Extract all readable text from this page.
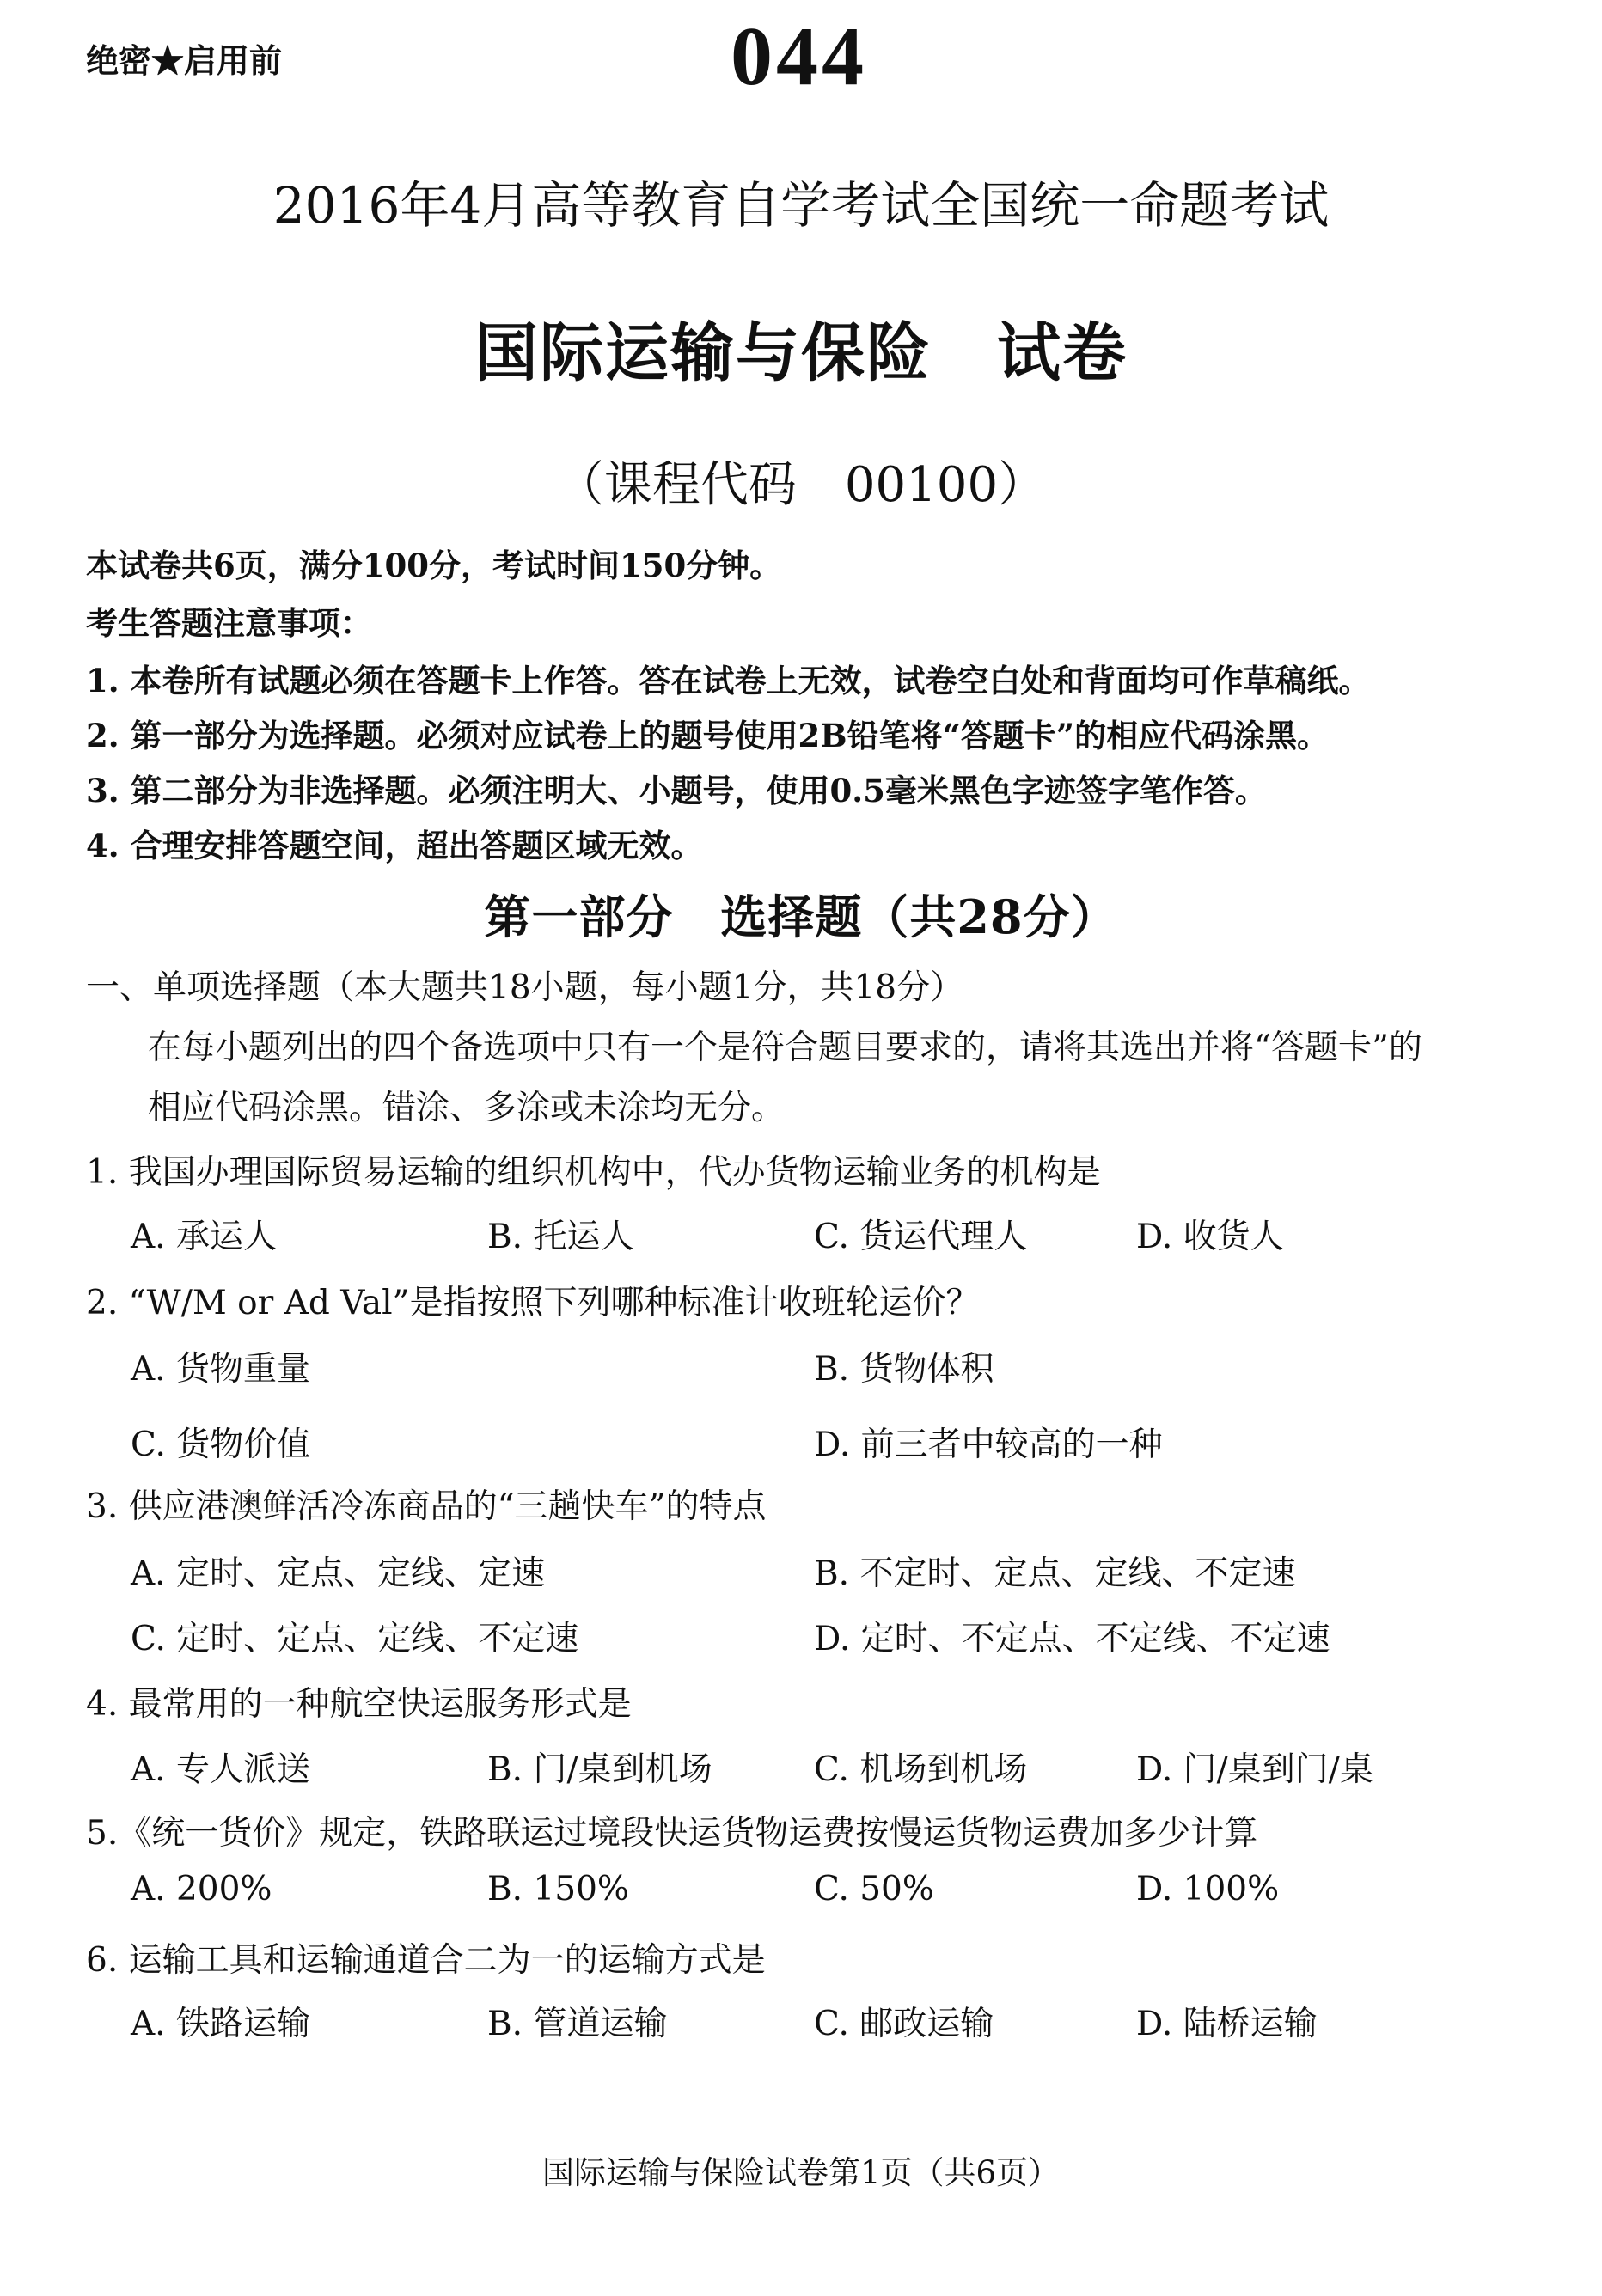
绝密★启用前	044
2016年4月高等教育自学考试全国统一命题考试
国际运输与保险　试卷
（课程代码　00100）
本试卷共6页，满分100分，考试时间150分钟。
考生答题注意事项：
1. 本卷所有试题必须在答题卡上作答。答在试卷上无效，试卷空白处和背面均可作草稿纸。
2. 第一部分为选择题。必须对应试卷上的题号使用2B铅笔将“答题卡”的相应代码涂黑。
3. 第二部分为非选择题。必须注明大、小题号，使用0.5毫米黑色字迹签字笔作答。
4. 合理安排答题空间，超出答题区域无效。
第一部分　选择题（共28分）
一、单项选择题（本大题共18小题，每小题1分，共18分）
在每小题列出的四个备选项中只有一个是符合题目要求的，请将其选出并将“答题卡”的
相应代码涂黑。错涂、多涂或未涂均无分。
1. 我国办理国际贸易运输的组织机构中，代办货物运输业务的机构是
A. 承运人	B. 托运人	C. 货运代理人	D. 收货人
2. “W/M or Ad Val”是指按照下列哪种标准计收班轮运价？
A. 货物重量	B. 货物体积
C. 货物价值	D. 前三者中较高的一种
3. 供应港澳鲜活冷冻商品的“三趟快车”的特点
A. 定时、定点、定线、定速	B. 不定时、定点、定线、不定速
C. 定时、定点、定线、不定速	D. 定时、不定点、不定线、不定速
4. 最常用的一种航空快运服务形式是
A. 专人派送	B. 门/桌到机场	C. 机场到机场	D. 门/桌到门/桌
5.《统一货价》规定，铁路联运过境段快运货物运费按慢运货物运费加多少计算
A. 200%	B. 150%	C. 50%	D. 100%
6. 运输工具和运输通道合二为一的运输方式是
A. 铁路运输	B. 管道运输	C. 邮政运输	D. 陆桥运输
国际运输与保险试卷第1页（共6页）
